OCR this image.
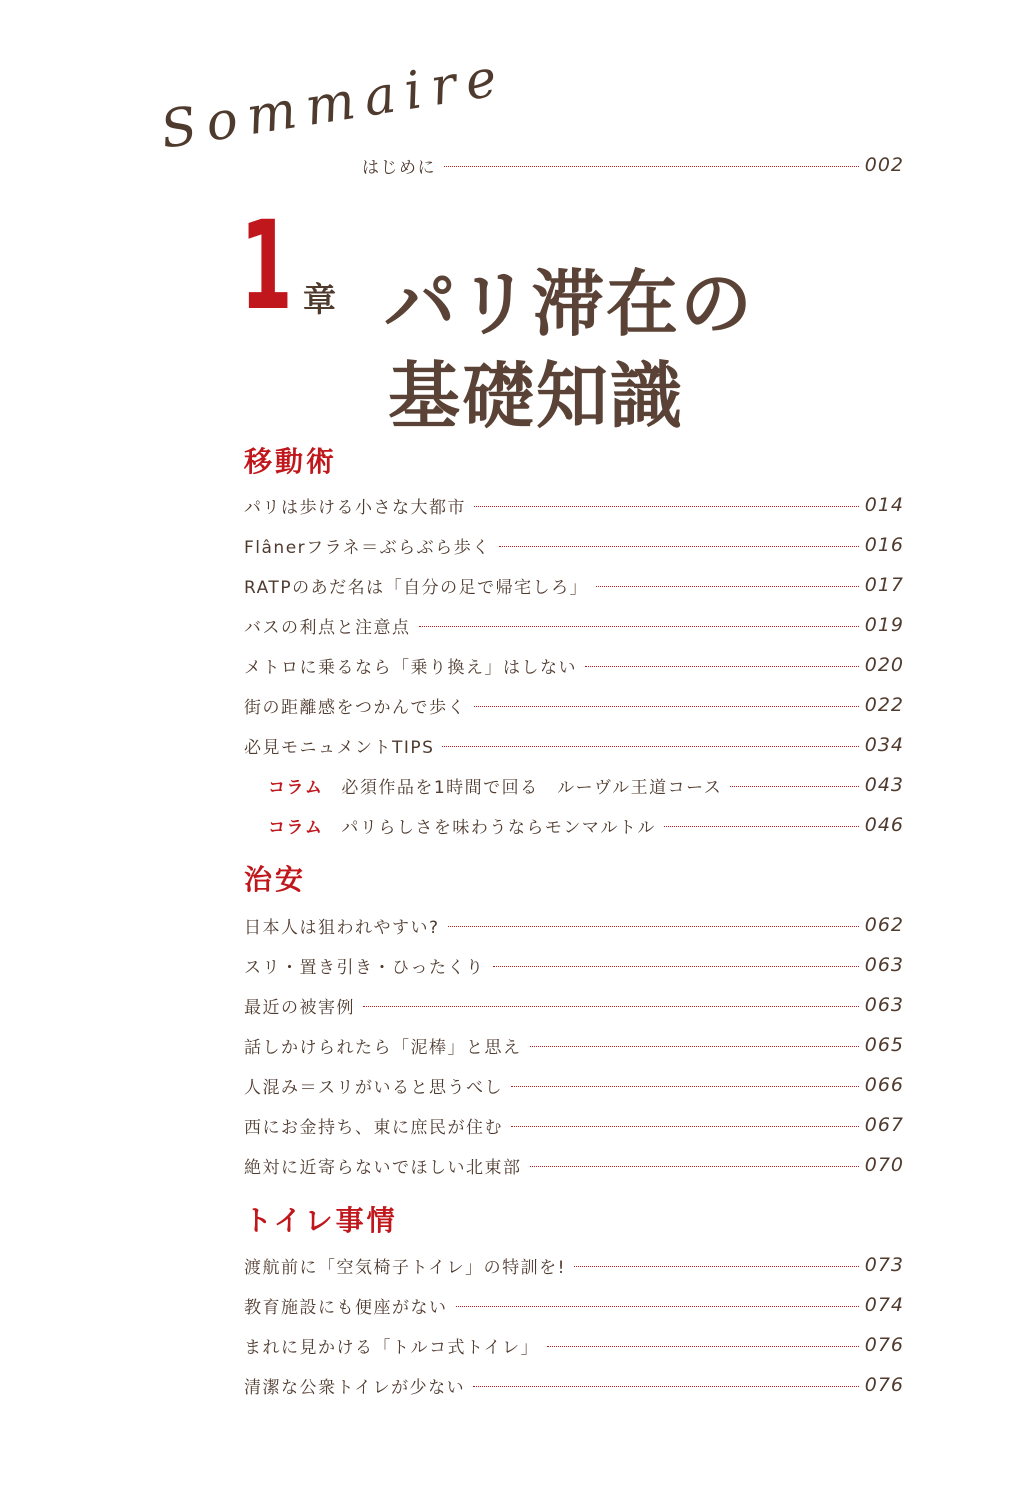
Sommaire
はじめに	002
1 章 パリ滞在の
基礎知識
移動術
パリは歩ける小さな大都市	014
Flânerフラネ＝ぶらぶら歩く	016
RATPのあだ名は「自分の足で帰宅しろ」	017
バスの利点と注意点	019
メトロに乗るなら「乗り換え」はしない	020
街の距離感をつかんで歩く	022
必見モニュメントTIPS	034
コラム 必須作品を1時間で回る　ルーヴル王道コース	043
コラム パリらしさを味わうならモンマルトル	046
治安
日本人は狙われやすい?	062
スリ・置き引き・ひったくり	063
最近の被害例	063
話しかけられたら「泥棒」と思え	065
人混み＝スリがいると思うべし	066
西にお金持ち、東に庶民が住む	067
絶対に近寄らないでほしい北東部	070
トイレ事情
渡航前に「空気椅子トイレ」の特訓を!	073
教育施設にも便座がない	074
まれに見かける「トルコ式トイレ」	076
清潔な公衆トイレが少ない	076
